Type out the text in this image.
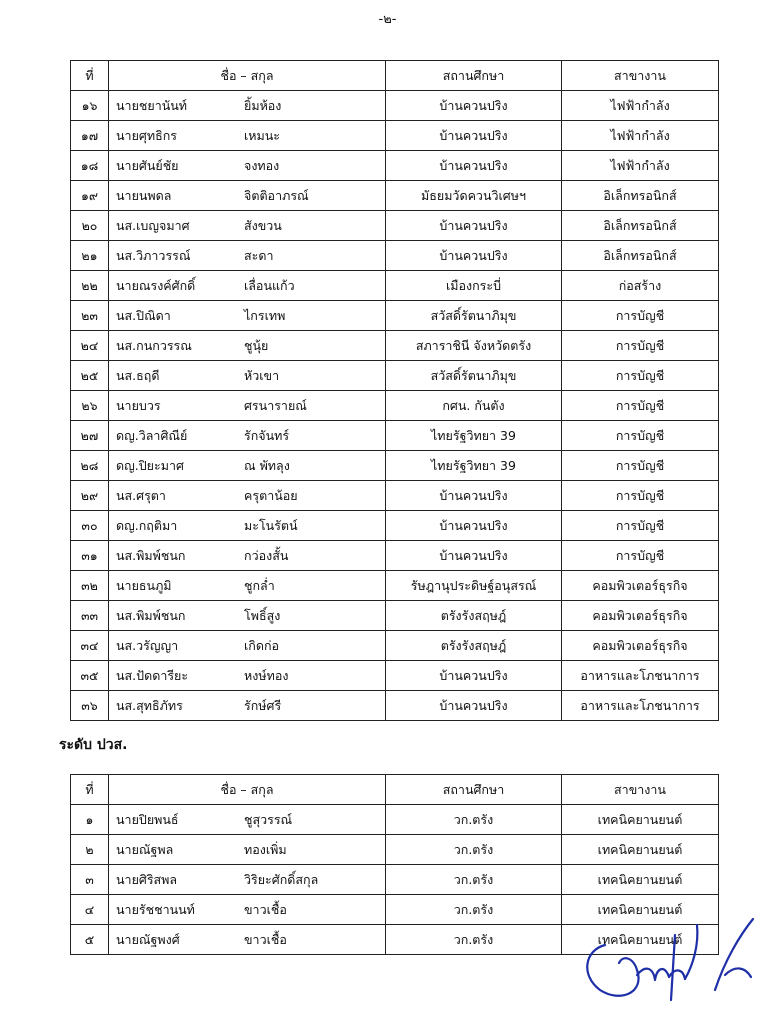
-๒-
ที่	ชื่อ – สกุล	สถานศึกษา	สาขางาน
๑๖	นายชยานันท์ ยิ้มห้อง	บ้านควนปริง	ไฟฟ้ากำลัง
๑๗	นายศุทธิกร เหมนะ	บ้านควนปริง	ไฟฟ้ากำลัง
๑๘	นายศันย์ชัย จงทอง	บ้านควนปริง	ไฟฟ้ากำลัง
๑๙	นายนพดล จิตติอาภรณ์	มัธยมวัดควนวิเศษฯ	อิเล็กทรอนิกส์
๒๐	นส.เบญจมาศ สังขวน	บ้านควนปริง	อิเล็กทรอนิกส์
๒๑	นส.วิภาวรรณ์ สะดา	บ้านควนปริง	อิเล็กทรอนิกส์
๒๒	นายณรงค์ศักดิ์ เลื่อนแก้ว	เมืองกระบี่	ก่อสร้าง
๒๓	นส.ปิณิดา ไกรเทพ	สวัสดิ์รัตนาภิมุข	การบัญชี
๒๔	นส.กนกวรรณ ชูนุ้ย	สภาราชินี จังหวัดตรัง	การบัญชี
๒๕	นส.ธฤดี หัวเขา	สวัสดิ์รัตนาภิมุข	การบัญชี
๒๖	นายบวร ศรนารายณ์	กศน. กันตัง	การบัญชี
๒๗	ดญ.วิลาศิณีย์ รักจันทร์	ไทยรัฐวิทยา 39	การบัญชี
๒๘	ดญ.ปิยะมาศ ณ พัทลุง	ไทยรัฐวิทยา 39	การบัญชี
๒๙	นส.ศรุตา ครุตาน้อย	บ้านควนปริง	การบัญชี
๓๐	ดญ.กฤติมา มะโนรัตน์	บ้านควนปริง	การบัญชี
๓๑	นส.พิมพ์ชนก กว่องสั้น	บ้านควนปริง	การบัญชี
๓๒	นายธนภูมิ ชูกล่ำ	รัษฎานุประดิษฐ์อนุสรณ์	คอมพิวเตอร์ธุรกิจ
๓๓	นส.พิมพ์ชนก โพธิ์สูง	ตรังรังสฤษฎ์	คอมพิวเตอร์ธุรกิจ
๓๔	นส.วรัญญา เกิดก่อ	ตรังรังสฤษฎ์	คอมพิวเตอร์ธุรกิจ
๓๕	นส.ปัดดารียะ หงษ์ทอง	บ้านควนปริง	อาหารและโภชนาการ
๓๖	นส.สุทธิภัทร รักษ์ศรี	บ้านควนปริง	อาหารและโภชนาการ
ระดับ ปวส.
ที่	ชื่อ – สกุล	สถานศึกษา	สาขางาน
๑	นายปิยพนธ์ ชูสุวรรณ์	วก.ตรัง	เทคนิคยานยนต์
๒	นายณัฐพล ทองเพิ่ม	วก.ตรัง	เทคนิคยานยนต์
๓	นายศิริสพล วิริยะศักดิ์สกุล	วก.ตรัง	เทคนิคยานยนต์
๔	นายรัชชานนท์ ขาวเชื้อ	วก.ตรัง	เทคนิคยานยนต์
๕	นายณัฐพงศ์ ขาวเชื้อ	วก.ตรัง	เทคนิคยานยนต์
